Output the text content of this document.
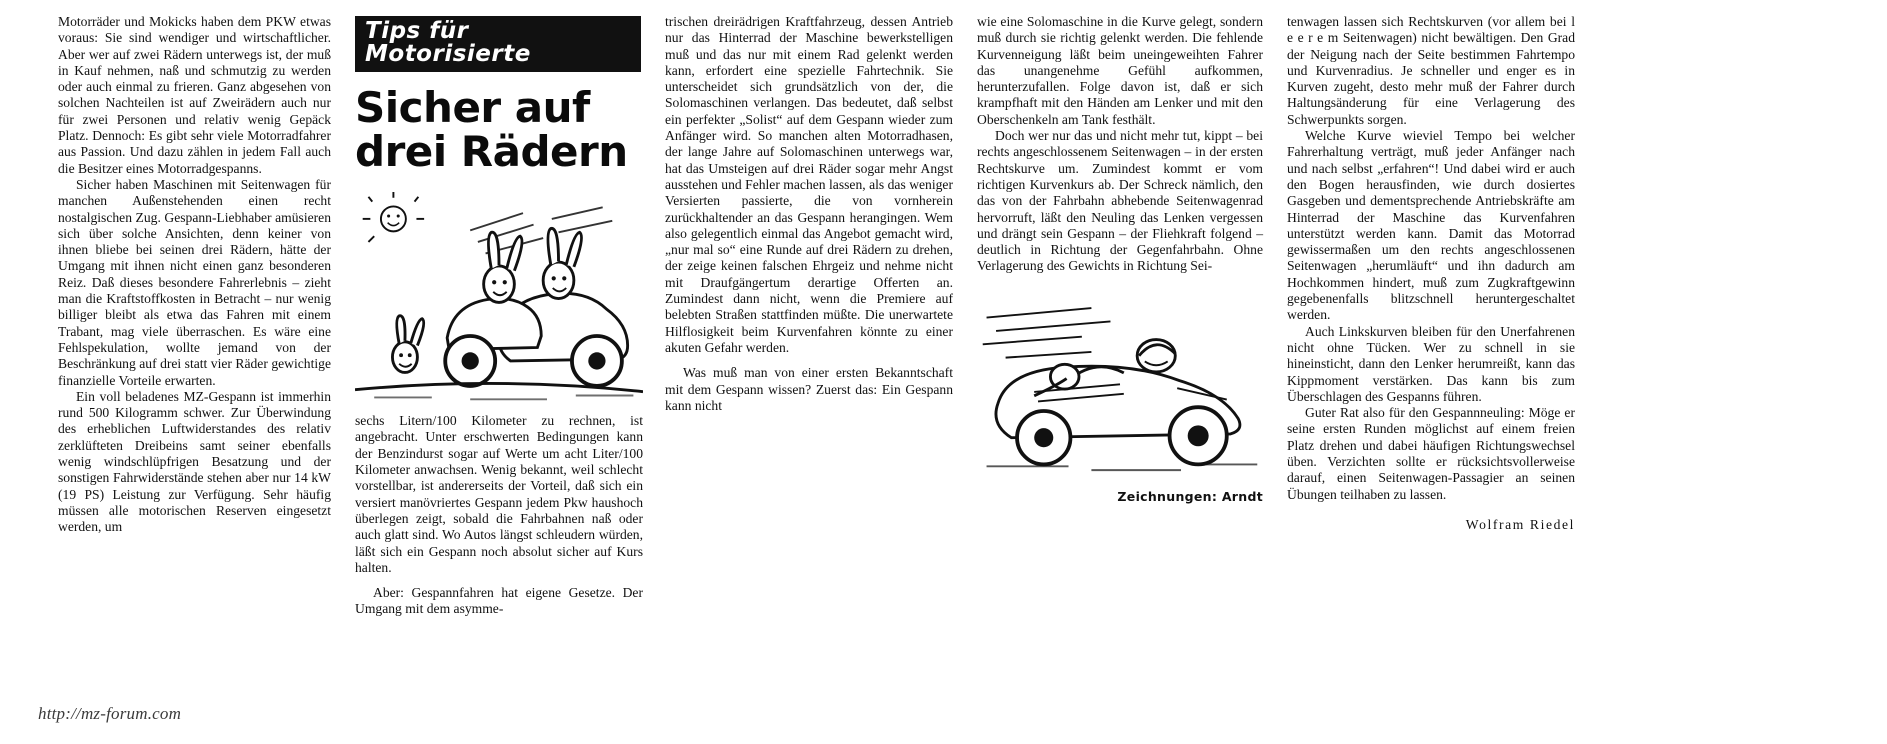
Motorräder und Mokicks haben dem PKW etwas voraus: Sie sind wendiger und wirtschaftlicher. Aber wer auf zwei Rädern unterwegs ist, der muß in Kauf nehmen, naß und schmutzig zu werden oder auch einmal zu frieren. Ganz abgesehen von solchen Nachteilen ist auf Zweirädern auch nur für zwei Personen und relativ wenig Gepäck Platz. Dennoch: Es gibt sehr viele Motorradfahrer aus Passion. Und dazu zählen in jedem Fall auch die Besitzer eines Motorradgespanns.

Sicher haben Maschinen mit Seitenwagen für manchen Außenstehenden einen recht nostalgischen Zug. Gespann-Liebhaber amüsieren sich über solche Ansichten, denn keiner von ihnen bliebe bei seinen drei Rädern, hätte der Umgang mit ihnen nicht einen ganz besonderen Reiz. Daß dieses besondere Fahrerlebnis – zieht man die Kraftstoffkosten in Betracht – nur wenig billiger bleibt als etwa das Fahren mit einem Trabant, mag viele überraschen. Es wäre eine Fehlspekulation, wollte jemand von der Beschränkung auf drei statt vier Räder gewichtige finanzielle Vorteile erwarten.

Ein voll beladenes MZ-Gespann ist immerhin rund 500 Kilogramm schwer. Zur Überwindung des erheblichen Luftwiderstandes des relativ zerklüfteten Dreibeins samt seiner ebenfalls wenig windschlüpfrigen Besatzung und der sonstigen Fahrwiderstände stehen aber nur 14 kW (19 PS) Leistung zur Verfügung. Sehr häufig müssen alle motorischen Reserven eingesetzt werden, um

http://mz-forum.com
Tips für Motorisierte
Sicher auf drei Rädern

sechs Litern/100 Kilometer zu rechnen, ist angebracht. Unter erschwerten Bedingungen kann der Benzindurst sogar auf Werte um acht Liter/100 Kilometer anwachsen. Wenig bekannt, weil schlecht vorstellbar, ist andererseits der Vorteil, daß sich ein versiert manövriertes Gespann jedem Pkw haushoch überlegen zeigt, sobald die Fahrbahnen naß oder auch glatt sind. Wo Autos längst schleudern würden, läßt sich ein Gespann noch absolut sicher auf Kurs halten.

Aber: Gespannfahren hat eigene Gesetze. Der Umgang mit dem asymme-

trischen dreirädrigen Kraftfahrzeug, dessen Antrieb nur das Hinterrad der Maschine bewerkstelligen muß und das nur mit einem Rad gelenkt werden kann, erfordert eine spezielle Fahrtechnik. Sie unterscheidet sich grundsätzlich von der, die Solomaschinen verlangen. Das bedeutet, daß selbst ein perfekter „Solist“ auf dem Gespann wieder zum Anfänger wird. So manchen alten Motorradhasen, der lange Jahre auf Solomaschinen unterwegs war, hat das Umsteigen auf drei Räder sogar mehr Angst ausstehen und Fehler machen lassen, als das weniger Versierten passierte, die von vornherein zurückhaltender an das Gespann herangingen. Wem also gelegentlich einmal das Angebot gemacht wird, „nur mal so“ eine Runde auf drei Rädern zu drehen, der zeige keinen falschen Ehrgeiz und nehme nicht mit Draufgängertum derartige Offerten an. Zumindest dann nicht, wenn die Premiere auf belebten Straßen stattfinden müßte. Die unerwartete Hilflosigkeit beim Kurvenfahren könnte zu einer akuten Gefahr werden.

Was muß man von einer ersten Bekanntschaft mit dem Gespann wissen? Zuerst das: Ein Gespann kann nicht

wie eine Solomaschine in die Kurve gelegt, sondern muß durch sie richtig gelenkt werden. Die fehlende Kurvenneigung läßt beim uneingeweihten Fahrer das unangenehme Gefühl aufkommen, herunterzufallen. Folge davon ist, daß er sich krampfhaft mit den Händen am Lenker und mit den Oberschenkeln am Tank festhält.

Doch wer nur das und nicht mehr tut, kippt – bei rechts angeschlossenem Seitenwagen – in der ersten Rechtskurve um. Zumindest kommt er vom richtigen Kurvenkurs ab. Der Schreck nämlich, den das von der Fahrbahn abhebende Seitenwagenrad hervorruft, läßt den Neuling das Lenken vergessen und drängt sein Gespann – der Fliehkraft folgend – deutlich in Richtung der Gegenfahrbahn. Ohne Verlagerung des Gewichts in Richtung Sei-

Zeichnungen: Arndt

tenwagen lassen sich Rechtskurven (vor allem bei l e e r e m Seitenwagen) nicht bewältigen. Den Grad der Neigung nach der Seite bestimmen Fahrtempo und Kurvenradius. Je schneller und enger es in Kurven zugeht, desto mehr muß der Fahrer durch Haltungsänderung für eine Verlagerung des Schwerpunkts sorgen.

Welche Kurve wieviel Tempo bei welcher Fahrerhaltung verträgt, muß jeder Anfänger nach und nach selbst „erfahren“! Und dabei wird er auch den Bogen herausfinden, wie durch dosiertes Gasgeben und dementsprechende Antriebskräfte am Hinterrad der Maschine das Kurvenfahren unterstützt werden kann. Damit das Motorrad gewissermaßen um den rechts angeschlossenen Seitenwagen „herumläuft“ und ihn dadurch am Hochkommen hindert, muß zum Zugkraftgewinn gegebenenfalls blitzschnell heruntergeschaltet werden.

Auch Linkskurven bleiben für den Unerfahrenen nicht ohne Tücken. Wer zu schnell in sie hineinsticht, dann den Lenker herumreißt, kann das Kippmoment verstärken. Das kann bis zum Überschlagen des Gespanns führen.

Guter Rat also für den Gespannneuling: Möge er seine ersten Runden möglichst auf einem freien Platz drehen und dabei häufigen Richtungswechsel üben. Verzichten sollte er rücksichtsvollerweise darauf, einen Seitenwagen-Passagier an seinen Übungen teilhaben zu lassen.

Wolfram Riedel
